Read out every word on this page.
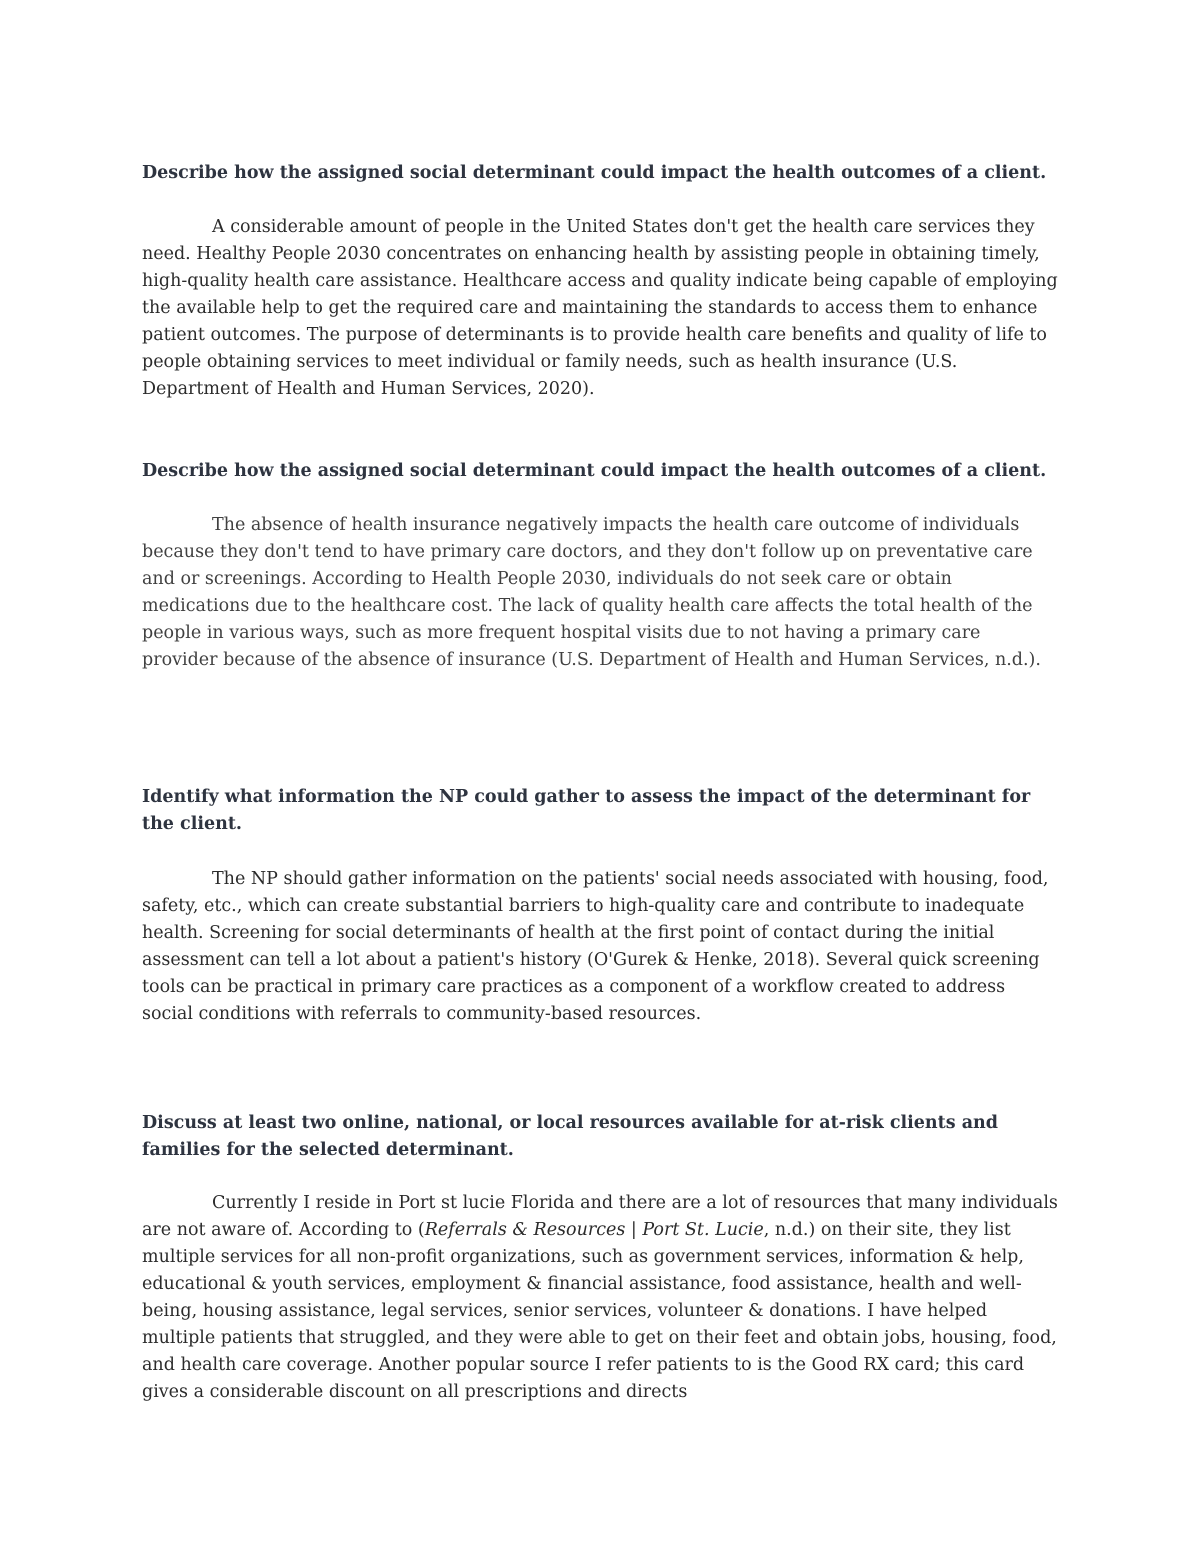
Describe how the assigned social determinant could impact the health outcomes of a client.

A considerable amount of people in the United States don't get the health care services they need. Healthy People 2030 concentrates on enhancing health by assisting people in obtaining timely, high-quality health care assistance. Healthcare access and quality indicate being capable of employing the available help to get the required care and maintaining the standards to access them to enhance patient outcomes. The purpose of determinants is to provide health care benefits and quality of life to people obtaining services to meet individual or family needs, such as health insurance (U.S. Department of Health and Human Services, 2020).

Describe how the assigned social determinant could impact the health outcomes of a client.

The absence of health insurance negatively impacts the health care outcome of individuals because they don't tend to have primary care doctors, and they don't follow up on preventative care and or screenings. According to Health People 2030, individuals do not seek care or obtain medications due to the healthcare cost. The lack of quality health care affects the total health of the people in various ways, such as more frequent hospital visits due to not having a primary care provider because of the absence of insurance (U.S. Department of Health and Human Services, n.d.).

Identify what information the NP could gather to assess the impact of the determinant for the client.

The NP should gather information on the patients' social needs associated with housing, food, safety, etc., which can create substantial barriers to high-quality care and contribute to inadequate health. Screening for social determinants of health at the first point of contact during the initial assessment can tell a lot about a patient's history (O'Gurek & Henke, 2018). Several quick screening tools can be practical in primary care practices as a component of a workflow created to address social conditions with referrals to community-based resources.

Discuss at least two online, national, or local resources available for at-risk clients and families for the selected determinant.

Currently I reside in Port st lucie Florida and there are a lot of resources that many individuals are not aware of. According to (Referrals & Resources | Port St. Lucie, n.d.) on their site, they list multiple services for all non-profit organizations, such as government services, information & help, educational & youth services, employment & financial assistance, food assistance, health and well-being, housing assistance, legal services, senior services, volunteer & donations. I have helped multiple patients that struggled, and they were able to get on their feet and obtain jobs, housing, food, and health care coverage. Another popular source I refer patients to is the Good RX card; this card gives a considerable discount on all prescriptions and directs
